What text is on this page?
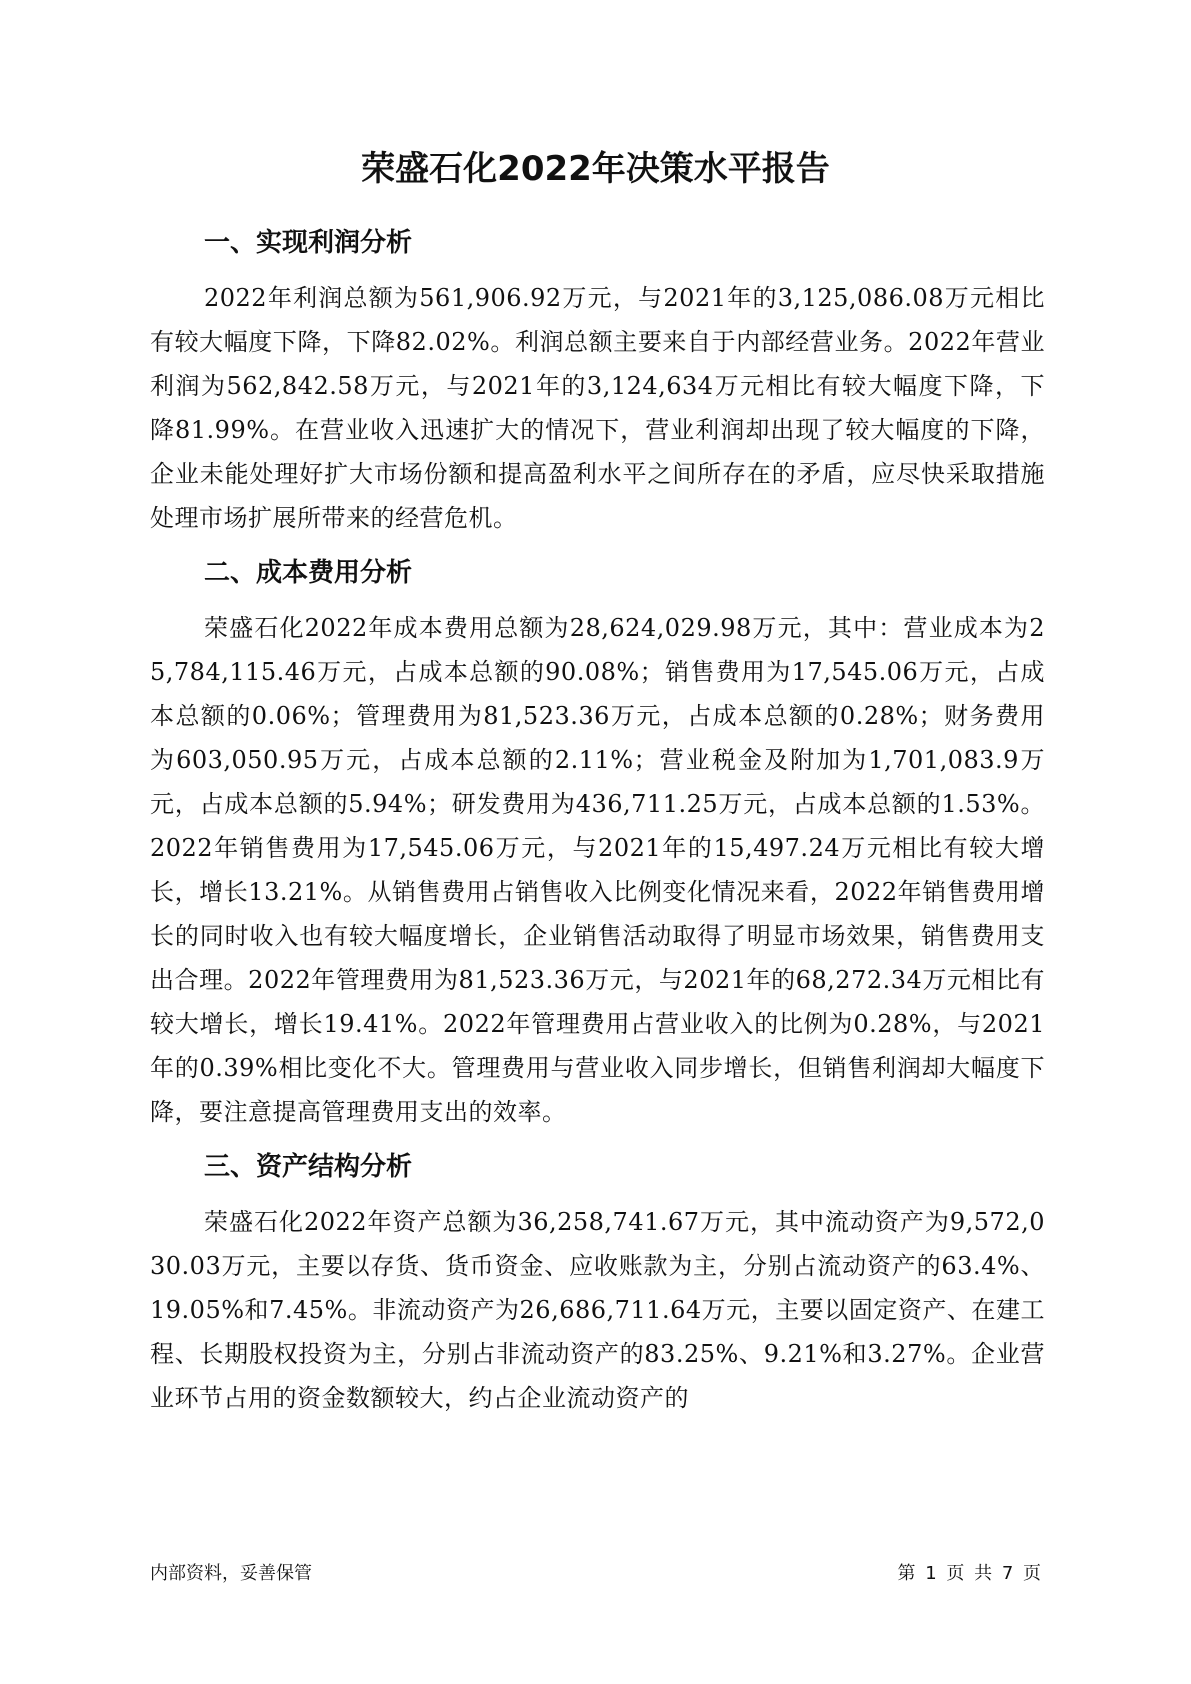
荣盛石化2022年决策水平报告
一、实现利润分析

2022年利润总额为561,906.92万元，与2021年的3,125,086.08万元相比有较大幅度下降，下降82.02%。利润总额主要来自于内部经营业务。2022年营业利润为562,842.58万元，与2021年的3,124,634万元相比有较大幅度下降，下降81.99%。在营业收入迅速扩大的情况下，营业利润却出现了较大幅度的下降，企业未能处理好扩大市场份额和提高盈利水平之间所存在的矛盾，应尽快采取措施处理市场扩展所带来的经营危机。

二、成本费用分析

荣盛石化2022年成本费用总额为28,624,029.98万元，其中：营业成本为25,784,115.46万元，占成本总额的90.08%；销售费用为17,545.06万元，占成本总额的0.06%；管理费用为81,523.36万元，占成本总额的0.28%；财务费用为603,050.95万元，占成本总额的2.11%；营业税金及附加为1,701,083.9万元，占成本总额的5.94%；研发费用为436,711.25万元，占成本总额的1.53%。2022年销售费用为17,545.06万元，与2021年的15,497.24万元相比有较大增长，增长13.21%。从销售费用占销售收入比例变化情况来看，2022年销售费用增长的同时收入也有较大幅度增长，企业销售活动取得了明显市场效果，销售费用支出合理。2022年管理费用为81,523.36万元，与2021年的68,272.34万元相比有较大增长，增长19.41%。2022年管理费用占营业收入的比例为0.28%，与2021年的0.39%相比变化不大。管理费用与营业收入同步增长，但销售利润却大幅度下降，要注意提高管理费用支出的效率。

三、资产结构分析

荣盛石化2022年资产总额为36,258,741.67万元，其中流动资产为9,572,030.03万元，主要以存货、货币资金、应收账款为主，分别占流动资产的63.4%、19.05%和7.45%。非流动资产为26,686,711.64万元，主要以固定资产、在建工程、长期股权投资为主，分别占非流动资产的83.25%、9.21%和3.27%。企业营业环节占用的资金数额较大，约占企业流动资产的

内部资料，妥善保管	第 1 页 共 7 页
